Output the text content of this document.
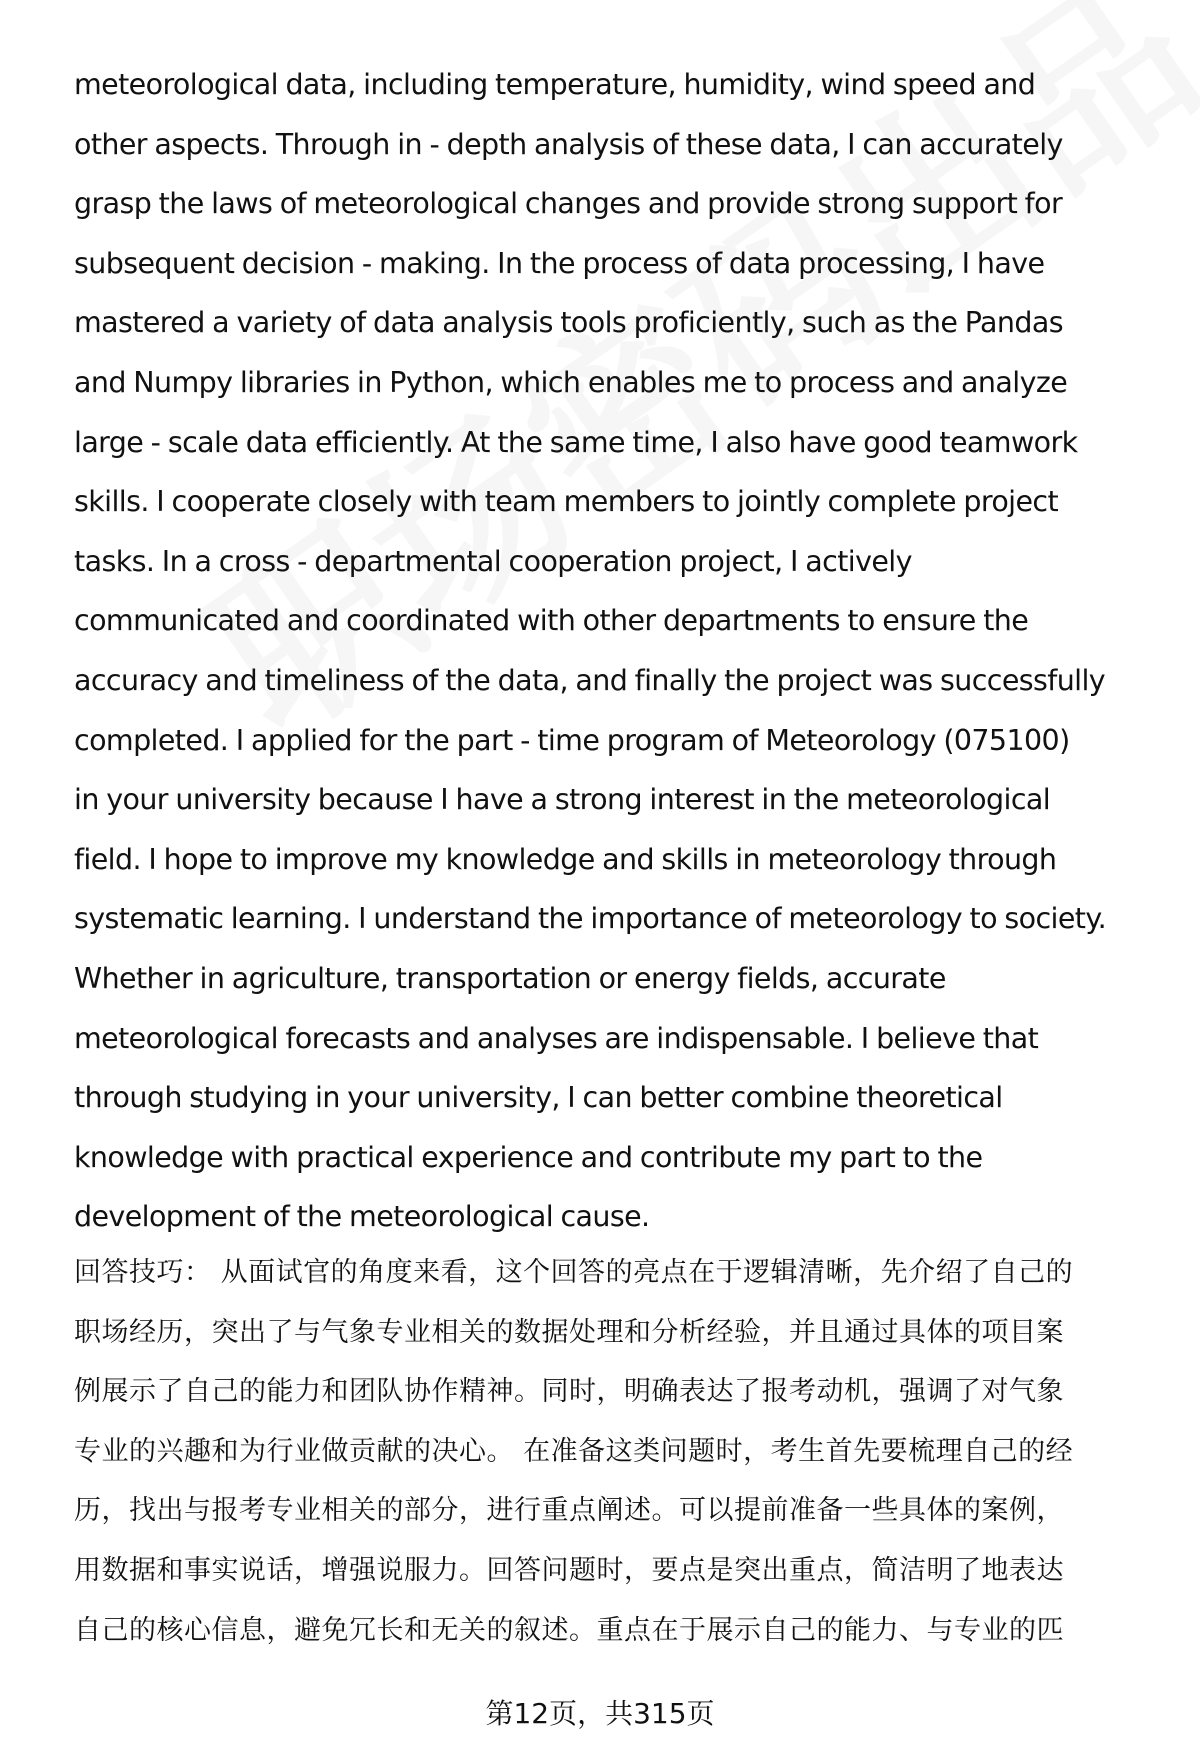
meteorological data, including temperature, humidity, wind speed and
other aspects. Through in - depth analysis of these data, I can accurately
grasp the laws of meteorological changes and provide strong support for
subsequent decision - making. In the process of data processing, I have
mastered a variety of data analysis tools proficiently, such as the Pandas
and Numpy libraries in Python, which enables me to process and analyze
large - scale data efficiently. At the same time, I also have good teamwork
skills. I cooperate closely with team members to jointly complete project
tasks. In a cross - departmental cooperation project, I actively
communicated and coordinated with other departments to ensure the
accuracy and timeliness of the data, and finally the project was successfully
completed. I applied for the part - time program of Meteorology (075100)
in your university because I have a strong interest in the meteorological
field. I hope to improve my knowledge and skills in meteorology through
systematic learning. I understand the importance of meteorology to society.
Whether in agriculture, transportation or energy fields, accurate
meteorological forecasts and analyses are indispensable. I believe that
through studying in your university, I can better combine theoretical
knowledge with practical experience and contribute my part to the
development of the meteorological cause.

回答技巧： 从面试官的角度来看，这个回答的亮点在于逻辑清晰，先介绍了自己的
职场经历，突出了与气象专业相关的数据处理和分析经验，并且通过具体的项目案
例展示了自己的能力和团队协作精神。同时，明确表达了报考动机，强调了对气象
专业的兴趣和为行业做贡献的决心。 在准备这类问题时，考生首先要梳理自己的经
历，找出与报考专业相关的部分，进行重点阐述。可以提前准备一些具体的案例，
用数据和事实说话，增强说服力。回答问题时，要点是突出重点，简洁明了地表达
自己的核心信息，避免冗长和无关的叙述。重点在于展示自己的能力、与专业的匹

第12页，共315页
